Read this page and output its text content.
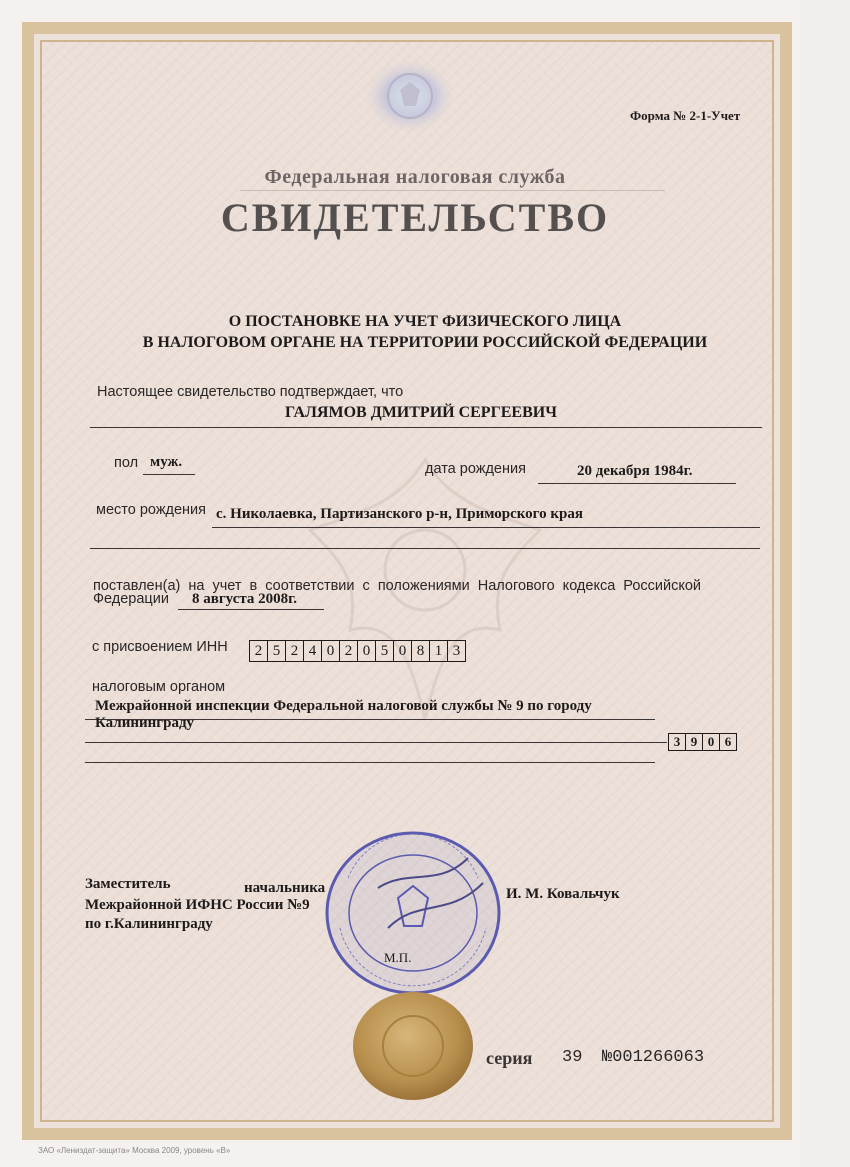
Форма № 2-1-Учет
Федеральная налоговая служба
СВИДЕТЕЛЬСТВО
О ПОСТАНОВКЕ НА УЧЕТ ФИЗИЧЕСКОГО ЛИЦА
В НАЛОГОВОМ ОРГАНЕ НА ТЕРРИТОРИИ РОССИЙСКОЙ ФЕДЕРАЦИИ
Настоящее свидетельство подтверждает, что
ГАЛЯМОВ ДМИТРИЙ СЕРГЕЕВИЧ
пол муж.	дата рождения	20 декабря 1984г.
место рождения с. Николаевка, Партизанского р-н, Приморского края
поставлен(а) на учет в соответствии с положениями Налогового кодекса Российской
Федерации 8 августа 2008г.
с присвоением ИНН	2 5 2 4 0 2 0 5 0 8 1 3
налоговым органом
Межрайонной инспекции Федеральной налоговой службы № 9 по городу
Калининграду
3 9 0 6
Заместитель	начальника
Межрайонной ИФНС России №9
по г.Калининграду
И. М. Ковальчук
М.П.
серия 39 №001266063
ЗАО «Лениздат-защита» Москва 2009, уровень «В»
